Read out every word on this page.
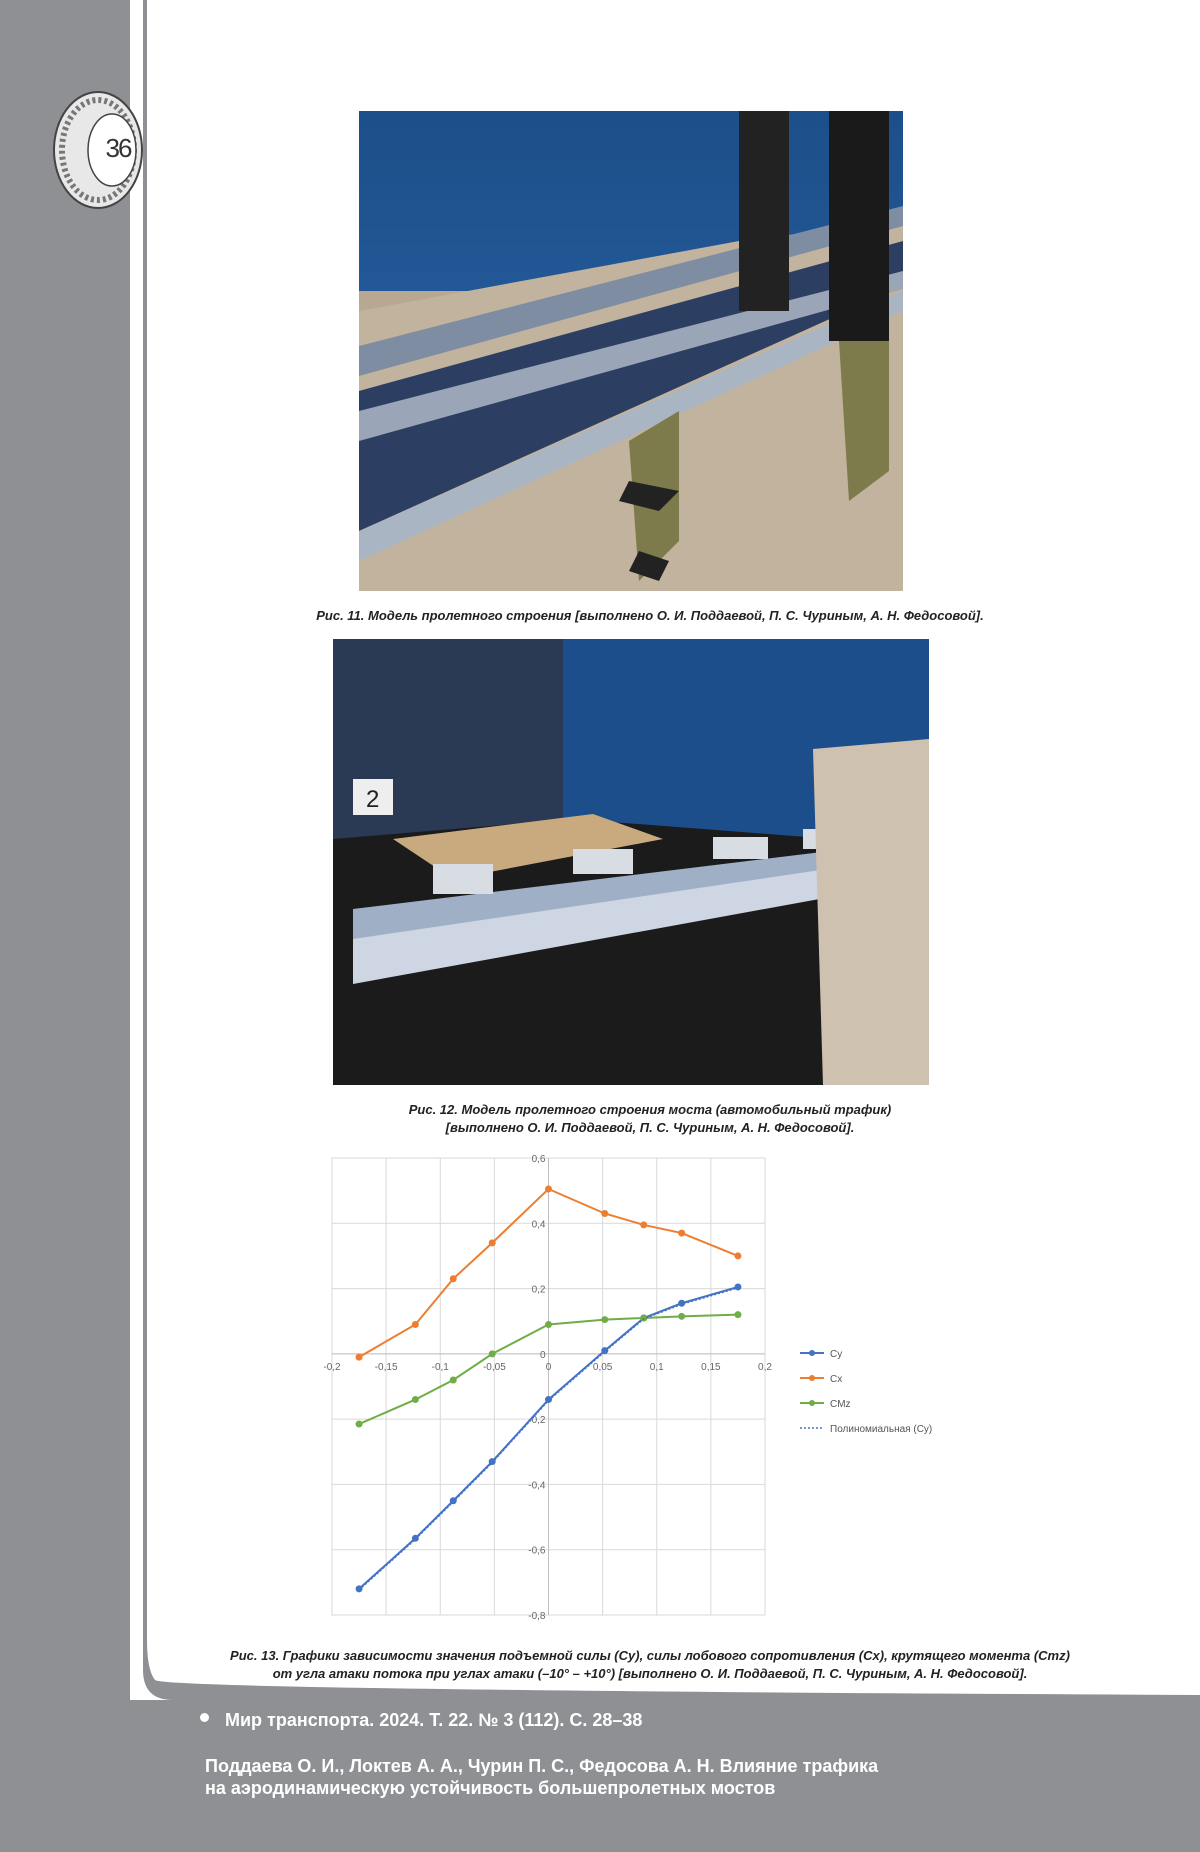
36
Рис. 11. Модель пролетного строения [выполнено О. И. Поддаевой, П. С. Чуриным, А. Н. Федосовой].
2
Рис. 12. Модель пролетного строения моста (автомобильный трафик)
[выполнено О. И. Поддаевой, П. С. Чуриным, А. Н. Федосовой].
-0,2	-0,15	-0,1	-0,05	0	0,05	0,1	0,15	0,2
0,6
0,4
0,2
0
-0,2
-0,4
-0,6
-0,8
Cy
Cx
CMz
Полиномиальная (Cy)
Рис. 13. Графики зависимости значения подъемной силы (Cy), силы лобового сопротивления (Cx), крутящего момента (Cmz)
от угла атаки потока при углах атаки (–10° – +10°) [выполнено О. И. Поддаевой, П. С. Чуриным, А. Н. Федосовой].
Мир транспорта. 2024. Т. 22. № 3 (112). С. 28–38
Поддаева О. И., Локтев А. А., Чурин П. С., Федосова А. Н. Влияние трафика
на аэродинамическую устойчивость большепролетных мостов
